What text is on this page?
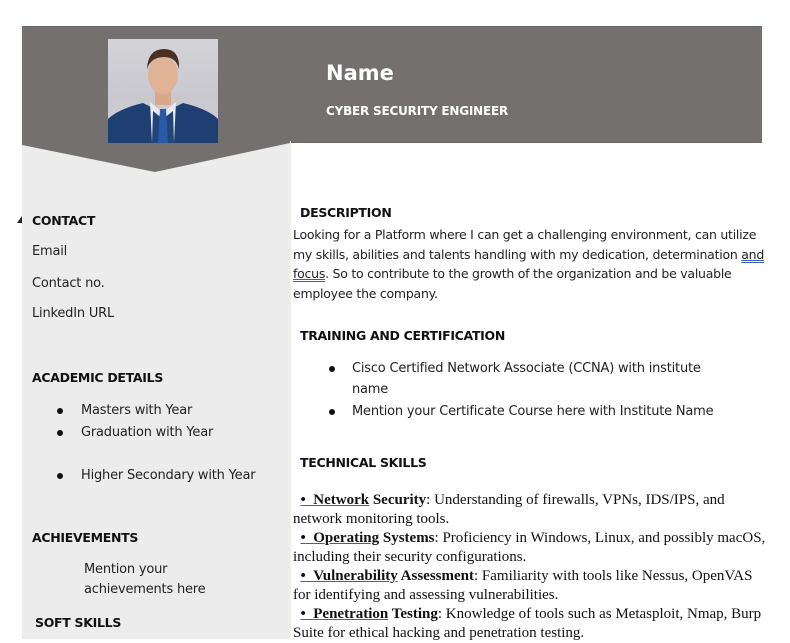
Name
CYBER SECURITY ENGINEER
CONTACT
Email
Contact no.
LinkedIn URL
ACADEMIC DETAILS
Masters with Year
Graduation with Year
Higher Secondary with Year
ACHIEVEMENTS
Mention your
achievements here
SOFT SKILLS
DESCRIPTION
Looking for a Platform where I can get a challenging environment, can utilize my skills, abilities and talents handling with my dedication, determination and focus. So to contribute to the growth of the organization and be valuable employee the company.
TRAINING AND CERTIFICATION
Cisco Certified Network Associate (CCNA) with institute
name
Mention your Certificate Course here with Institute Name
TECHNICAL SKILLS
• Network Security: Understanding of firewalls, VPNs, IDS/IPS, and network monitoring tools.
• Operating Systems: Proficiency in Windows, Linux, and possibly macOS, including their security configurations.
• Vulnerability Assessment: Familiarity with tools like Nessus, OpenVAS for identifying and assessing vulnerabilities.
• Penetration Testing: Knowledge of tools such as Metasploit, Nmap, Burp Suite for ethical hacking and penetration testing.
